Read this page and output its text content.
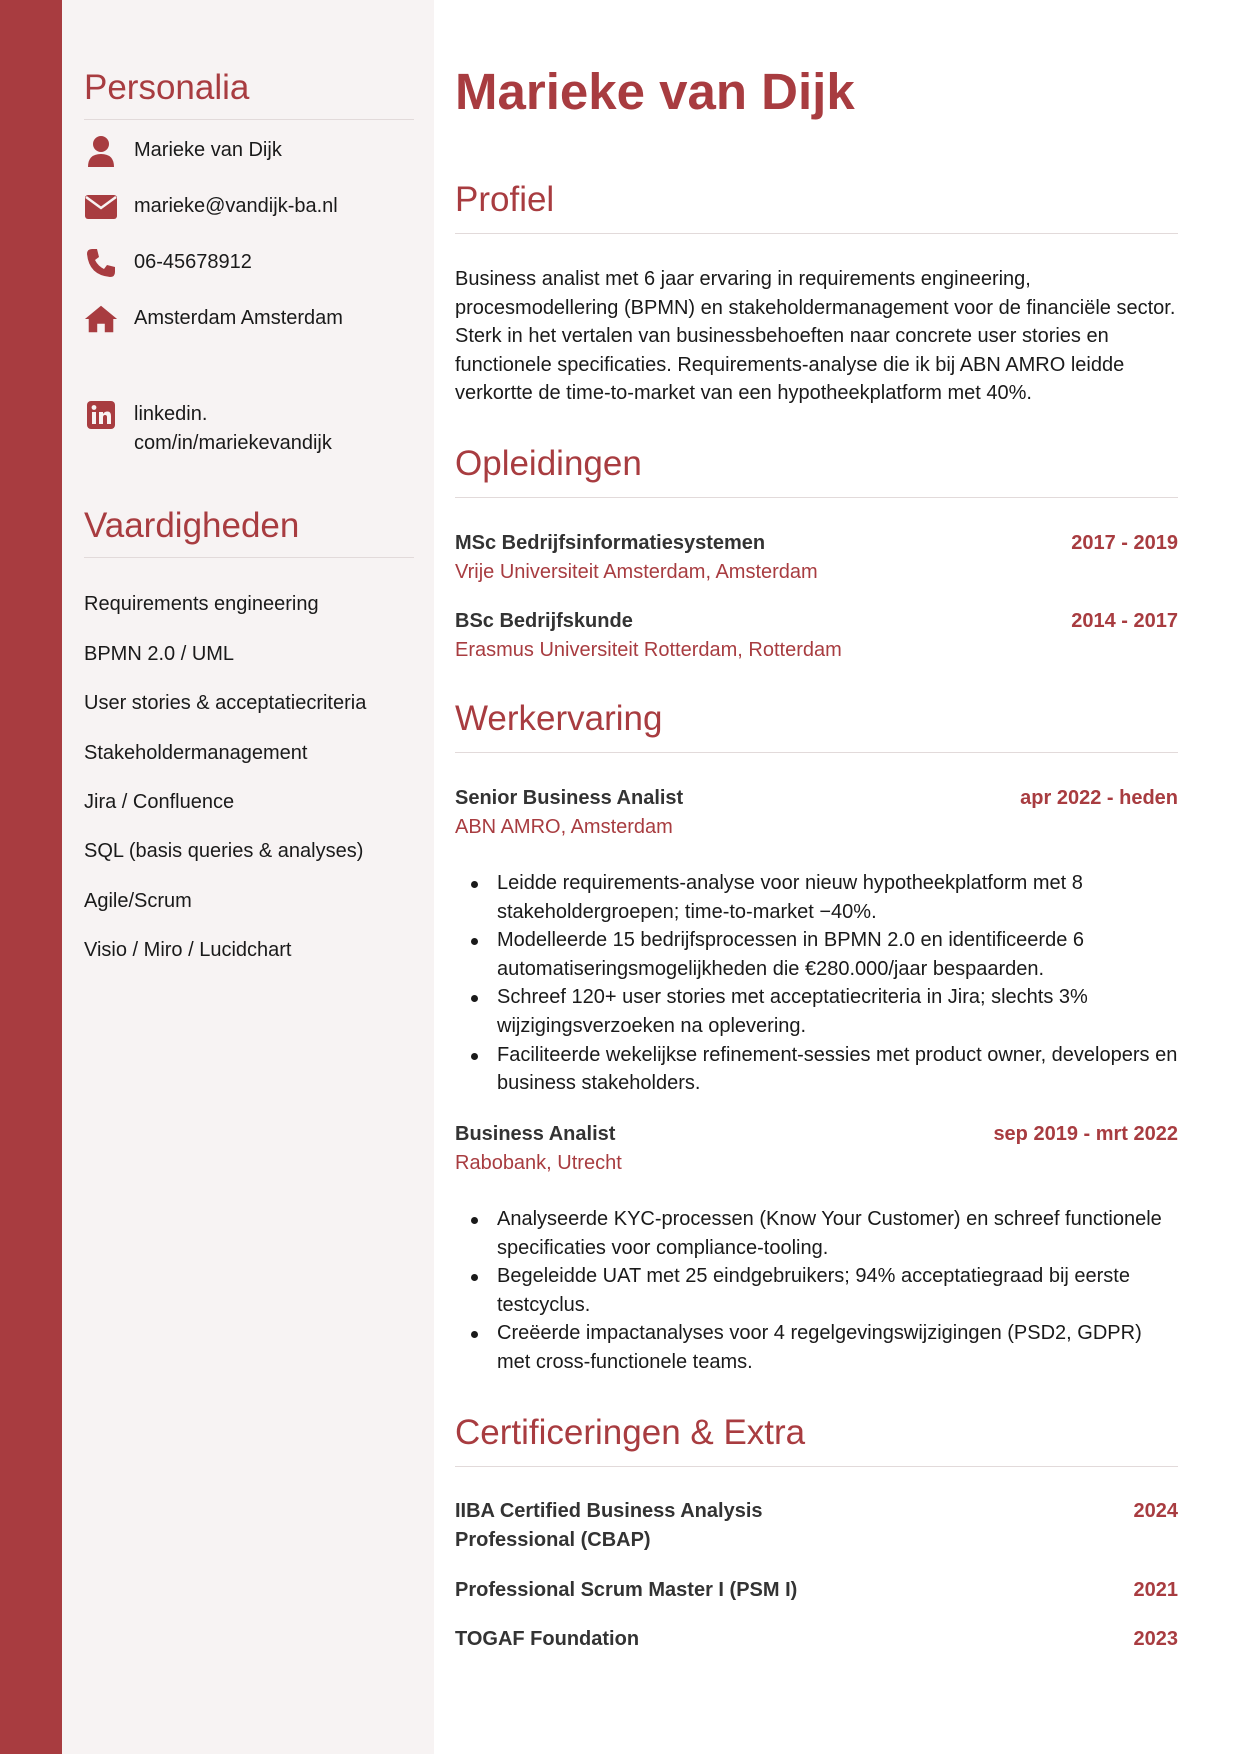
Personalia
Marieke van Dijk
marieke@vandijk-ba.nl
06-45678912
Amsterdam Amsterdam
linkedin.
com/in/mariekevandijk
Vaardigheden
Requirements engineering
BPMN 2.0 / UML
User stories & acceptatiecriteria
Stakeholdermanagement
Jira / Confluence
SQL (basis queries & analyses)
Agile/Scrum
Visio / Miro / Lucidchart
Marieke van Dijk
Profiel
Business analist met 6 jaar ervaring in requirements engineering, procesmodellering (BPMN) en stakeholdermanagement voor de financiële sector. Sterk in het vertalen van businessbehoeften naar concrete user stories en functionele specificaties. Requirements-analyse die ik bij ABN AMRO leidde verkortte de time-to-market van een hypotheekplatform met 40%.
Opleidingen
MSc Bedrijfsinformatiesystemen	2017 - 2019
Vrije Universiteit Amsterdam, Amsterdam
BSc Bedrijfskunde	2014 - 2017
Erasmus Universiteit Rotterdam, Rotterdam
Werkervaring
Senior Business Analist	apr 2022 - heden
ABN AMRO, Amsterdam
Leidde requirements-analyse voor nieuw hypotheekplatform met 8 stakeholdergroepen; time-to-market −40%.
Modelleerde 15 bedrijfsprocessen in BPMN 2.0 en identificeerde 6 automatiseringsmogelijkheden die €280.000/jaar bespaarden.
Schreef 120+ user stories met acceptatiecriteria in Jira; slechts 3% wijzigingsverzoeken na oplevering.
Faciliteerde wekelijkse refinement-sessies met product owner, developers en business stakeholders.
Business Analist	sep 2019 - mrt 2022
Rabobank, Utrecht
Analyseerde KYC-processen (Know Your Customer) en schreef functionele specificaties voor compliance-tooling.
Begeleidde UAT met 25 eindgebruikers; 94% acceptatiegraad bij eerste testcyclus.
Creëerde impactanalyses voor 4 regelgevingswijzigingen (PSD2, GDPR) met cross-functionele teams.
Certificeringen & Extra
IIBA Certified Business Analysis
Professional (CBAP)
2024
Professional Scrum Master I (PSM I)	2021
TOGAF Foundation	2023
